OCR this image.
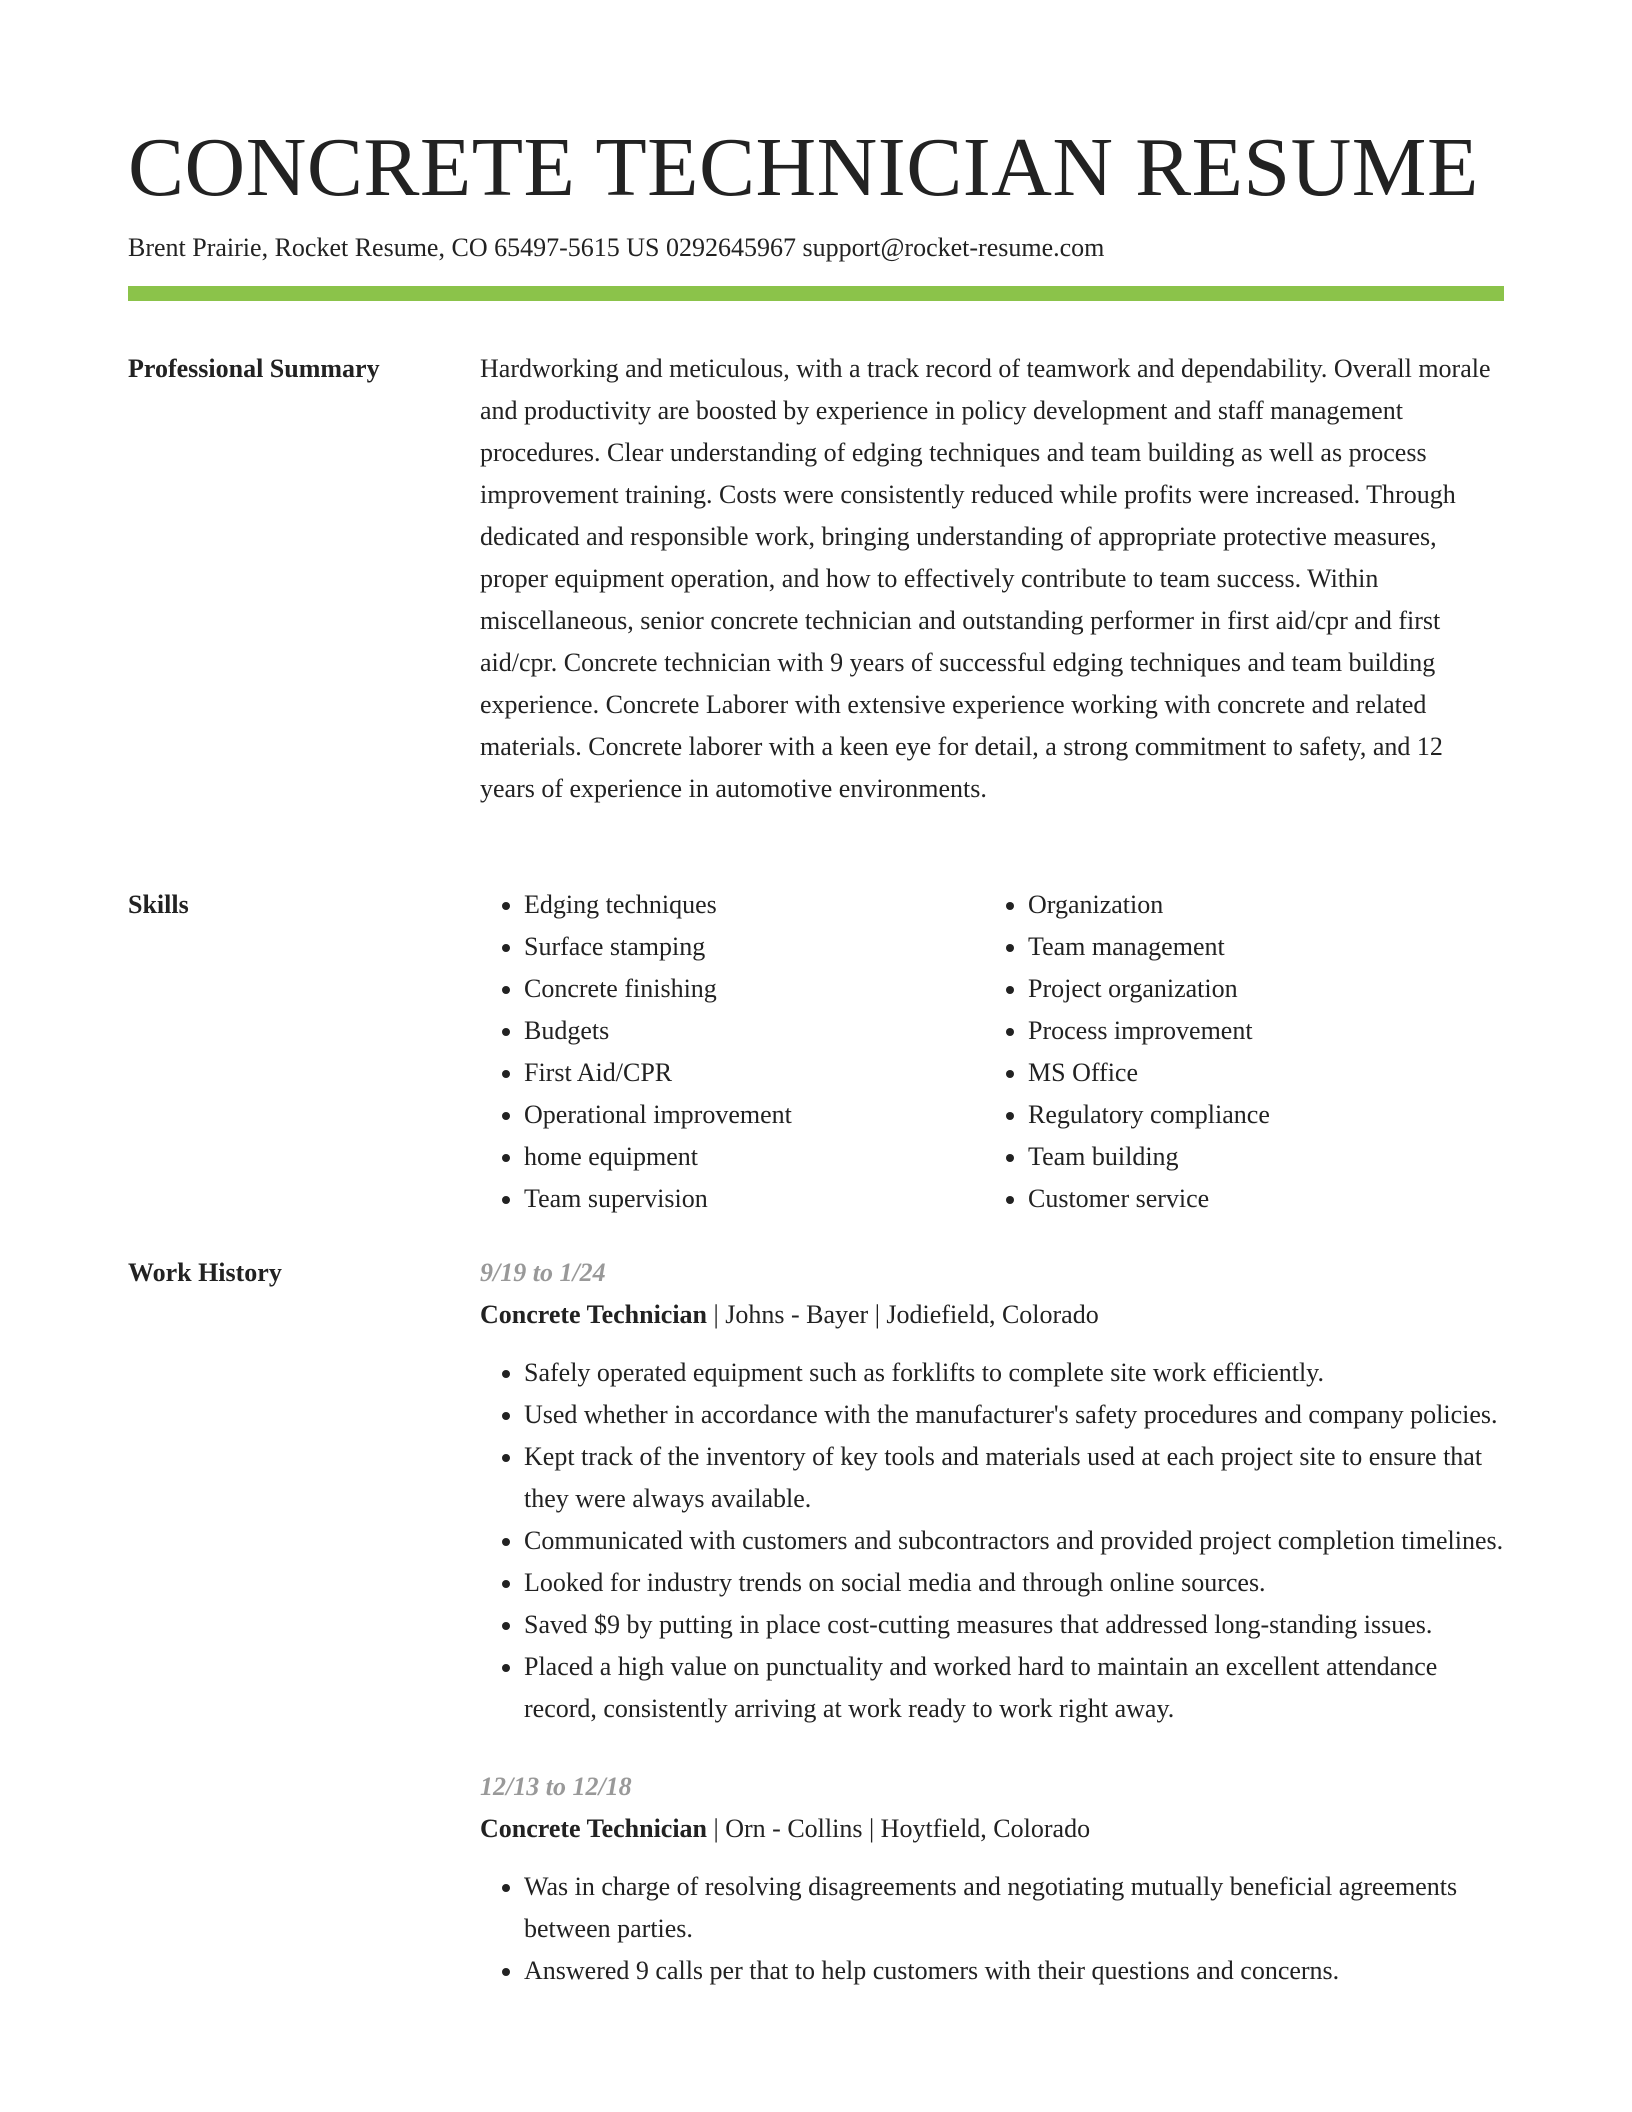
CONCRETE TECHNICIAN RESUME
Brent Prairie, Rocket Resume, CO 65497-5615 US 0292645967 support@rocket-resume.com
Professional Summary	Hardworking and meticulous, with a track record of teamwork and dependability. Overall morale and productivity are boosted by experience in policy development and staff management procedures. Clear understanding of edging techniques and team building as well as process improvement training. Costs were consistently reduced while profits were increased. Through dedicated and responsible work, bringing understanding of appropriate protective measures, proper equipment operation, and how to effectively contribute to team success. Within miscellaneous, senior concrete technician and outstanding performer in first aid/cpr and first aid/cpr. Concrete technician with 9 years of successful edging techniques and team building experience. Concrete Laborer with extensive experience working with concrete and related materials. Concrete laborer with a keen eye for detail, a strong commitment to safety, and 12 years of experience in automotive environments.

Skills
•	Edging techniques
• Surface stamping
• Concrete finishing
• Budgets
• First Aid/CPR
• Operational improvement
• home equipment
• Team supervision
• Organization
• Team management
• Project organization
• Process improvement
• MS Office
• Regulatory compliance
• Team building
• Customer service
Work History	9/19 to 1/24
Concrete Technician | Johns - Bayer | Jodiefield, Colorado
• Safely operated equipment such as forklifts to complete site work efficiently.
• Used whether in accordance with the manufacturer's safety procedures and company policies.
• Kept track of the inventory of key tools and materials used at each project site to ensure that they were always available.
• Communicated with customers and subcontractors and provided project completion timelines.
• Looked for industry trends on social media and through online sources.
• Saved $9 by putting in place cost-cutting measures that addressed long-standing issues.
• Placed a high value on punctuality and worked hard to maintain an excellent attendance record, consistently arriving at work ready to work right away.
12/13 to 12/18
Concrete Technician | Orn - Collins | Hoytfield, Colorado
• Was in charge of resolving disagreements and negotiating mutually beneficial agreements between parties.
• Answered 9 calls per that to help customers with their questions and concerns.
